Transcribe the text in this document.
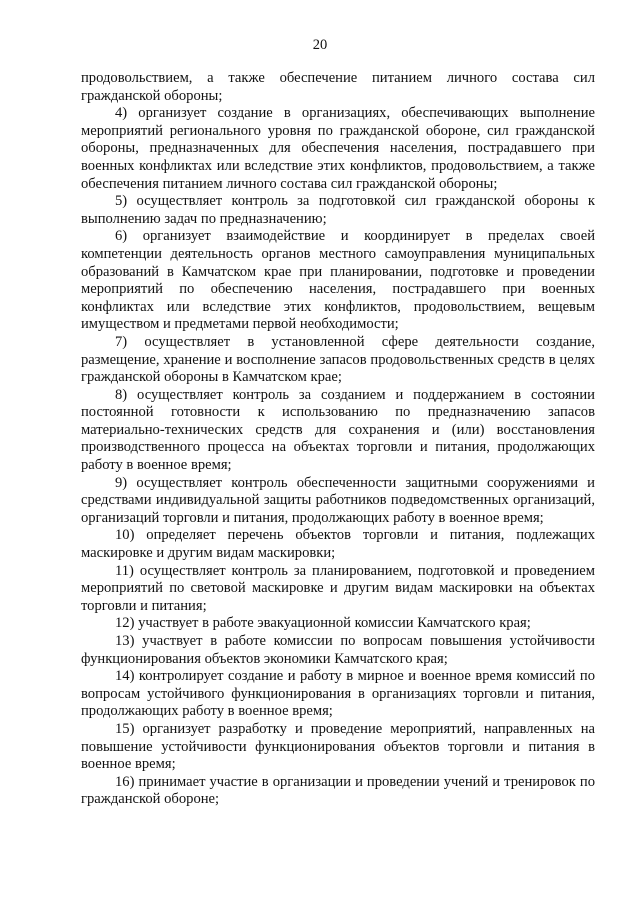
20

продовольствием, а также обеспечение питанием личного состава сил гражданской обороны;

4) организует создание в организациях, обеспечивающих выполнение мероприятий регионального уровня по гражданской обороне, сил гражданской обороны, предназначенных для обеспечения населения, пострадавшего при военных конфликтах или вследствие этих конфликтов, продовольствием, а также обеспечения питанием личного состава сил гражданской обороны;

5) осуществляет контроль за подготовкой сил гражданской обороны к выполнению задач по предназначению;

6) организует взаимодействие и координирует в пределах своей компетенции деятельность органов местного самоуправления муниципальных образований в Камчатском крае при планировании, подготовке и проведении мероприятий по обеспечению населения, пострадавшего при военных конфликтах или вследствие этих конфликтов, продовольствием, вещевым имуществом и предметами первой необходимости;

7) осуществляет в установленной сфере деятельности создание, размещение, хранение и восполнение запасов продовольственных средств в целях гражданской обороны в Камчатском крае;

8) осуществляет контроль за созданием и поддержанием в состоянии постоянной готовности к использованию по предназначению запасов материально-технических средств для сохранения и (или) восстановления производственного процесса на объектах торговли и питания, продолжающих работу в военное время;

9) осуществляет контроль обеспеченности защитными сооружениями и средствами индивидуальной защиты работников подведомственных организаций, организаций торговли и питания, продолжающих работу в военное время;

10) определяет перечень объектов торговли и питания, подлежащих маскировке и другим видам маскировки;

11) осуществляет контроль за планированием, подготовкой и проведением мероприятий по световой маскировке и другим видам маскировки на объектах торговли и питания;

12) участвует в работе эвакуационной комиссии Камчатского края;

13) участвует в работе комиссии по вопросам повышения устойчивости функционирования объектов экономики Камчатского края;

14) контролирует создание и работу в мирное и военное время комиссий по вопросам устойчивого функционирования в организациях торговли и питания, продолжающих работу в военное время;

15) организует разработку и проведение мероприятий, направленных на повышение устойчивости функционирования объектов торговли и питания в военное время;

16) принимает участие в организации и проведении учений и тренировок по гражданской обороне;
